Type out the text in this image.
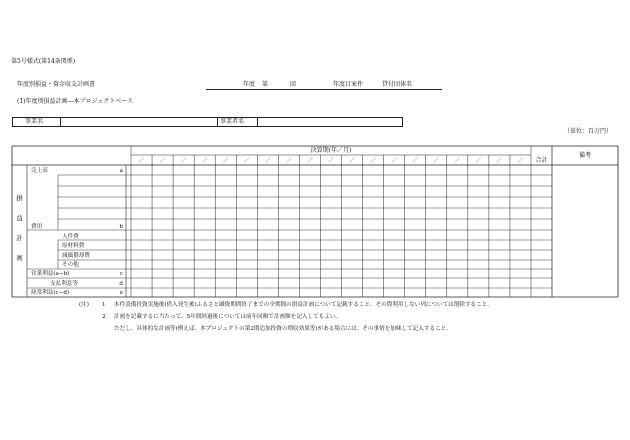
第5号様式(第14条関係)
年度別損益・資金収支計画書	年度 第	回	年度目案件	貸付団体名
(1)年度別損益計画―本プロジェクトベース
事業名	事業者名
（単位：百万円）
決算期(年／月)
合計
備考
／	／	／	／	／	／	／	／	／	／	／	／	／	／	／	／	／	／	／
損
益
計
画
売上高	a
費用	b
人件費
原材料費
減価償却費
その他
営業利益(a−b)	c
支払利息等	d
経常利益(c−d)	e
(注) 1 本件設備投資実施後(借入発生後)ふるさと融資期間終了までの全期間の損益計画について記載すること。その際利用しない列については削除すること。
2 計画を記載するに当たって、5年間経過後については前年同額で計画額を記入してもよい。
ただし、具体的な計画等(例えば、本プロジェクトの第2期追加投資の増収効果等)がある場合には、その事情を加味して記入すること。
